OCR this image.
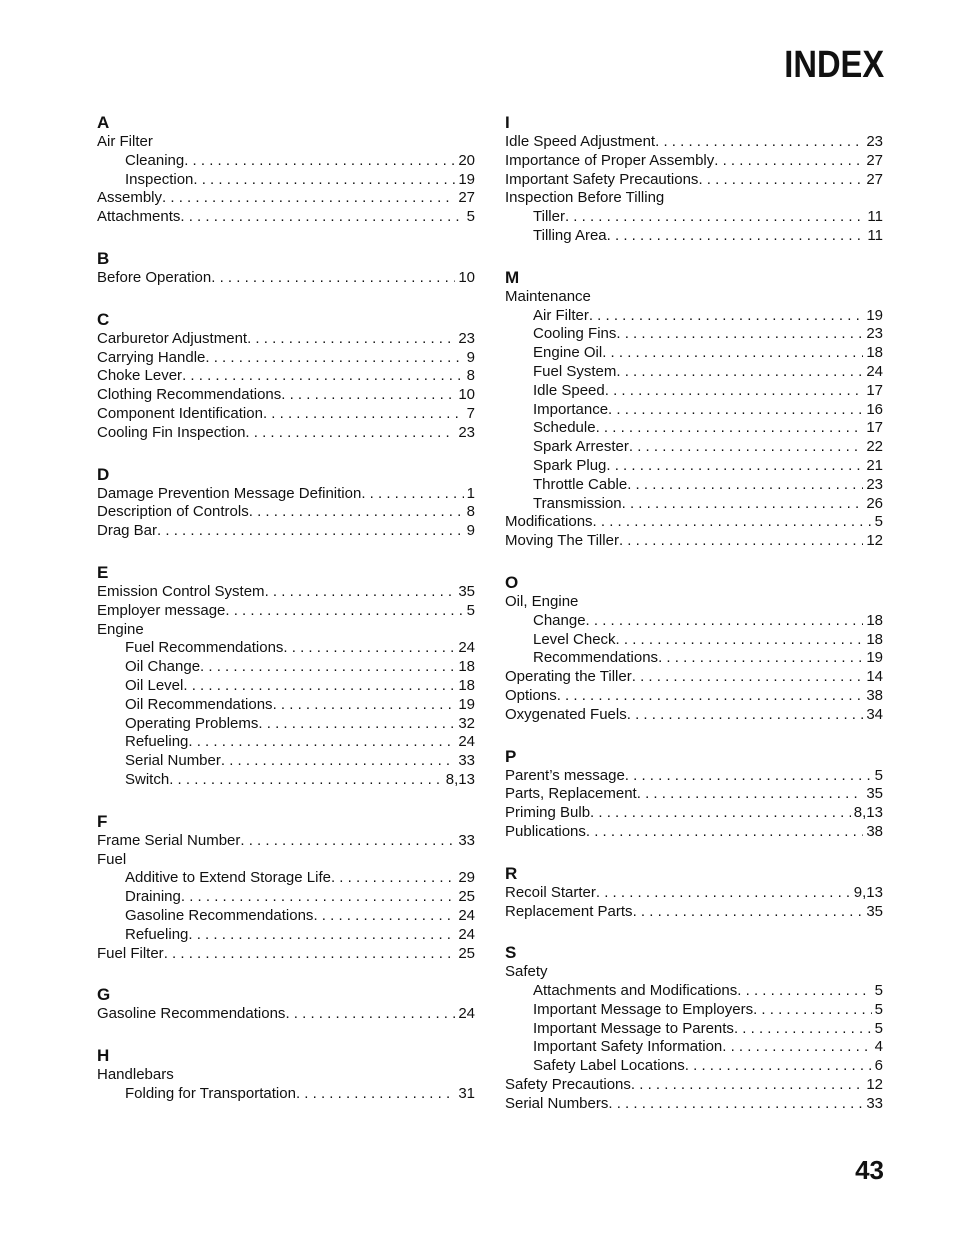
INDEX
A
Air Filter
Cleaning . . .	20
Inspection . . .	19
Assembly . . .	27
Attachments . . .	5
B
Before Operation . . .	10
C
Carburetor Adjustment . . .	23
Carrying Handle . . .	9
Choke Lever . . .	8
Clothing Recommendations . . .	10
Component Identification . . .	7
Cooling Fin Inspection . . .	23
D
Damage Prevention Message Definition . . .	1
Description of Controls . . .	8
Drag Bar . . .	9
E
Emission Control System . . .	35
Employer message . . .	5
Engine
Fuel Recommendations . . .	24
Oil Change . . .	18
Oil Level . . .	18
Oil Recommendations . . .	19
Operating Problems . . .	32
Refueling . . .	24
Serial Number . . .	33
Switch . . .	8,13
F
Frame Serial Number . . .	33
Fuel
Additive to Extend Storage Life . . .	29
Draining . . .	25
Gasoline Recommendations . . .	24
Refueling . . .	24
Fuel Filter . . .	25
G
Gasoline Recommendations . . .	24
H
Handlebars
Folding for Transportation . . .	31
I
Idle Speed Adjustment . . .	23
Importance of Proper Assembly . . .	27
Important Safety Precautions . . .	27
Inspection Before Tilling
Tiller . . .	11
Tilling Area . . .	11
M
Maintenance
Air Filter . . .	19
Cooling Fins . . .	23
Engine Oil . . .	18
Fuel System . . .	24
Idle Speed . . .	17
Importance . . .	16
Schedule . . .	17
Spark Arrester . . .	22
Spark Plug . . .	21
Throttle Cable . . .	23
Transmission . . .	26
Modifications . . .	5
Moving The Tiller . . .	12
O
Oil, Engine
Change . . .	18
Level Check . . .	18
Recommendations . . .	19
Operating the Tiller . . .	14
Options . . .	38
Oxygenated Fuels . . .	34
P
Parent’s message . . .	5
Parts, Replacement . . .	35
Priming Bulb . . .	8,13
Publications . . .	38
R
Recoil Starter . . .	9,13
Replacement Parts . . .	35
S
Safety
Attachments and Modifications . . .	5
Important Message to Employers . . .	5
Important Message to Parents . . .	5
Important Safety Information . . .	4
Safety Label Locations . . .	6
Safety Precautions . . .	12
Serial Numbers . . .	33
43
